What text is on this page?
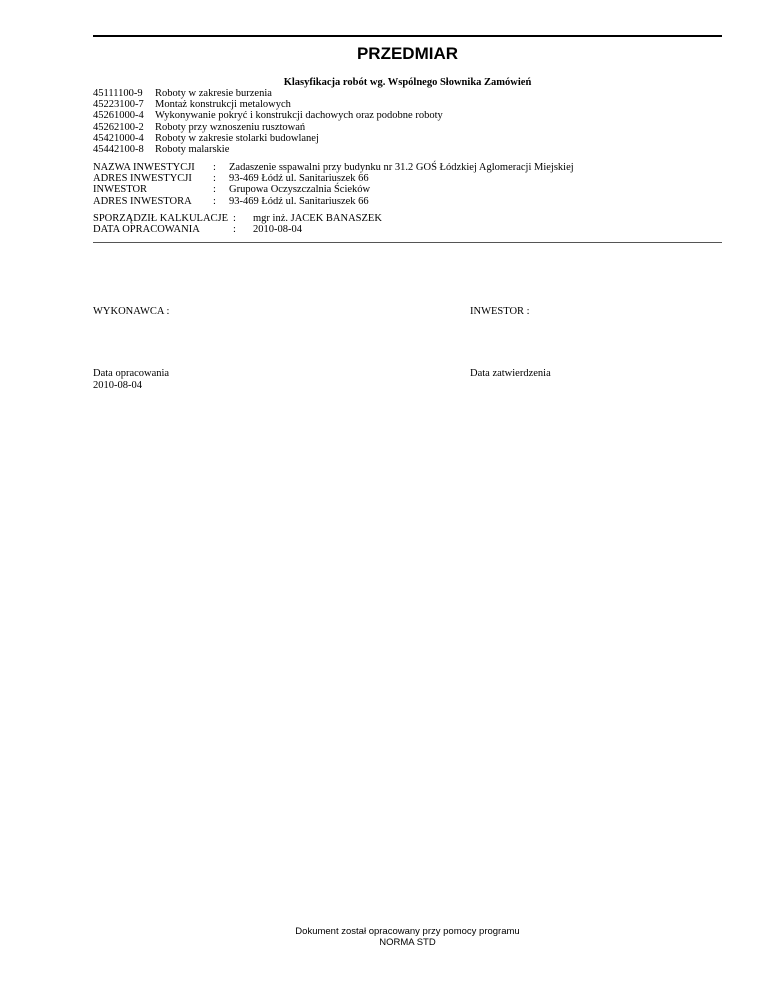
PRZEDMIAR
Klasyfikacja robót wg. Wspólnego Słownika Zamówień
45111100-9	Roboty w zakresie burzenia
45223100-7	Montaż konstrukcji metalowych
45261000-4	Wykonywanie pokryć i konstrukcji dachowych oraz podobne roboty
45262100-2	Roboty przy wznoszeniu rusztowań
45421000-4	Roboty w zakresie stolarki budowlanej
45442100-8	Roboty malarskie
NAZWA INWESTYCJI	:	Zadaszenie sspawalni przy budynku nr 31.2 GOŚ Łódzkiej Aglomeracji Miejskiej
ADRES INWESTYCJI	:	93-469 Łódź ul. Sanitariuszek 66
INWESTOR	:	Grupowa Oczyszczalnia Ścieków
ADRES INWESTORA	:	93-469 Łódź ul. Sanitariuszek 66
SPORZĄDZIŁ KALKULACJE :	mgr inż. JACEK BANASZEK
DATA OPRACOWANIA	:	2010-08-04
WYKONAWCA :	INWESTOR :
Data opracowania
2010-08-04
Data zatwierdzenia
Dokument został opracowany przy pomocy programu
NORMA STD
